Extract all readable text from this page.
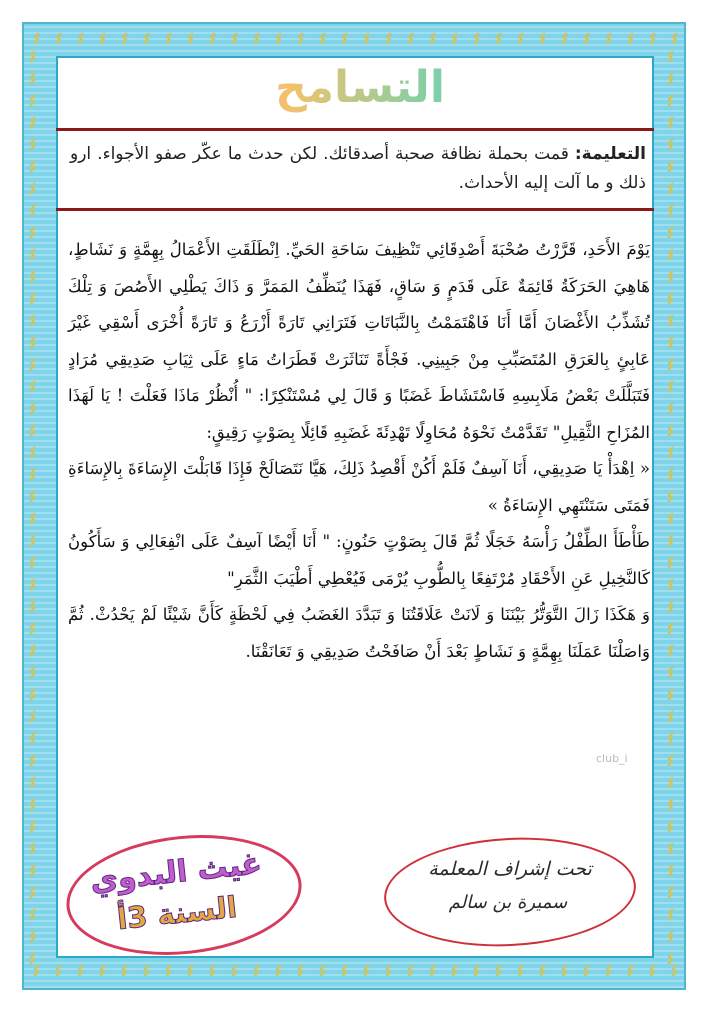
التسامح
التعليمة: قمت بحملة نظافة صحبة أصدقائك. لكن حدث ما عكّر صفو الأجواء. ارو ذلك و ما آلت إليه الأحداث.

يَوْمَ الأَحَدِ، قَرَّرْتُ صُحْبَةَ أَصْدِقَائِي تَنْظِيفَ سَاحَةِ الحَيِّ. اِنْطَلَقَتِ الأَعْمَالُ بِهِمَّةٍ وَ نَشَاطٍ، هَاهِيَ الحَرَكَةُ قَائِمَةٌ عَلَى قَدَمٍ وَ سَاقٍ، فَهَذَا يُنَظِّفُ المَمَرَّ وَ ذَاكَ يَطْلِي الأَصُصَ وَ تِلْكَ تُشَذِّبُ الأَغْصَانَ أَمَّا أَنَا فَاهْتَمَمْتُ بِالنَّبَاتَاتِ فَتَرَانِي تَارَةً أَزْرَعُ وَ تَارَةً أُخْرَى أَسْقِي غَيْرَ عَابِئٍ بِالعَرَقِ المُتَصَبِّبِ مِنْ جَبِينِي. فَجْأَةً تَنَاثَرَتْ قَطَرَاتُ مَاءٍ عَلَى ثِيَابِ صَدِيقِي مُرَادٍ فَتَبَلَّلَتْ بَعْضُ مَلَابِسِهِ فَاسْتَشَاطَ غَضَبًا وَ قَالَ لِي مُسْتَنْكِرًا: " أُنْظُرْ مَاذَا فَعَلْتَ ! يَا لَهَذَا المُزَاحِ الثَّقِيلِ" تَقَدَّمْتُ نَحْوَهُ مُحَاوِلًا تَهْدِئَةَ غَضَبِهِ قَائِلًا بِصَوْتٍ رَقِيقٍ:

« اِهْدَأْ يَا صَدِيقِي، أَنَا آسِفٌ فَلَمْ أَكُنْ أَقْصِدُ ذَلِكَ، هَيَّا نَتَصَالَحْ فَإِذَا قَابَلْتَ الإِسَاءَةَ بِالإِسَاءَةِ فَمَتَى سَتَنْتَهِي الإِسَاءَةُ »

طَأْطَأَ الطِّفْلُ رَأْسَهُ خَجَلًا ثُمَّ قَالَ بِصَوْتٍ حَنُونٍ: " أَنَا أَيْضًا آسِفٌ عَلَى انْفِعَالِي وَ سَأَكُونُ كَالنَّخِيلِ عَنِ الأَحْقَادِ مُرْتَفِعًا بِالطُّوبِ يُرْمَى فَيُعْطِي أَطْيَبَ الثَّمَرِ"

وَ هَكَذَا زَالَ التَّوَتُّرُ بَيْنَنَا وَ لَانَتْ عَلَاقَتُنَا وَ تَبَدَّدَ الغَضَبُ فِي لَحْظَةٍ كَأَنَّ شَيْئًا لَمْ يَحْدُثْ. ثُمَّ وَاصَلْنَا عَمَلَنَا بِهِمَّةٍ وَ نَشَاطٍ بَعْدَ أَنْ صَافَحْتُ صَدِيقِي وَ تَعَانَقْنَا.

club_i
غيث البدوي
السنة 3أ
تحت إشراف المعلمة
سميرة بن سالم
